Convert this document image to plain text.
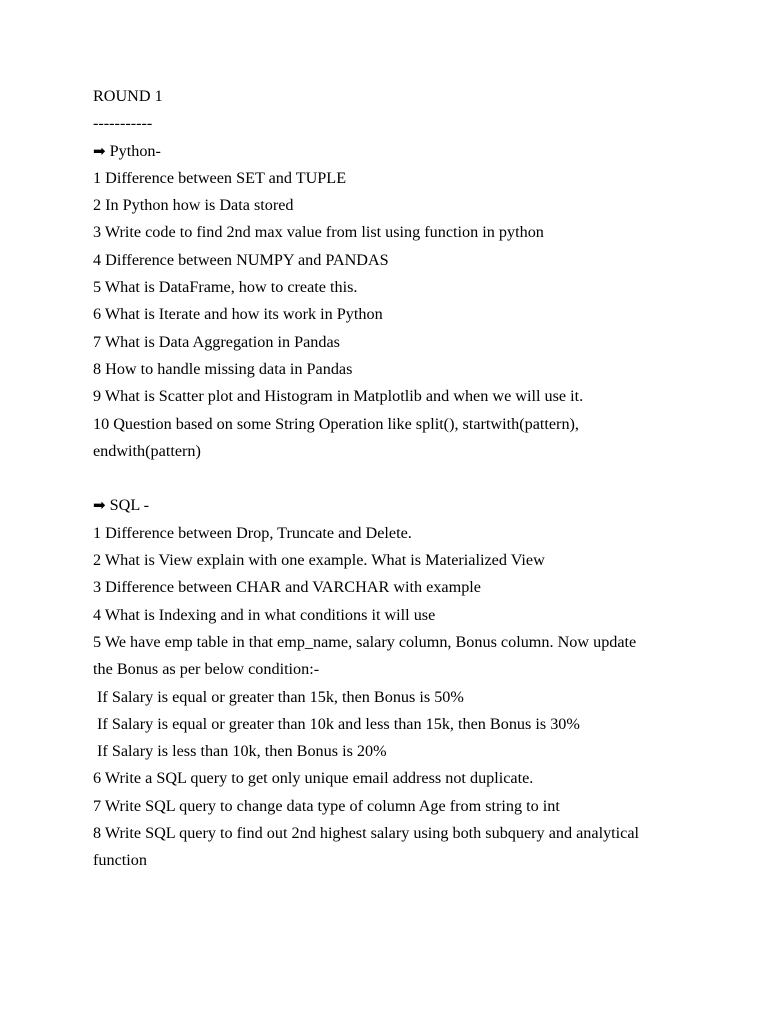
ROUND 1
-----------
➡ Python-
1 Difference between SET and TUPLE
2 In Python how is Data stored
3 Write code to find 2nd max value from list using function in python
4 Difference between NUMPY and PANDAS
5 What is DataFrame, how to create this.
6 What is Iterate and how its work in Python
7 What is Data Aggregation in Pandas
8 How to handle missing data in Pandas
9 What is Scatter plot and Histogram in Matplotlib and when we will use it.
10 Question based on some String Operation like split(), startwith(pattern),
endwith(pattern)
➡ SQL -
1 Difference between Drop, Truncate and Delete.
2 What is View explain with one example. What is Materialized View
3 Difference between CHAR and VARCHAR with example
4 What is Indexing and in what conditions it will use
5 We have emp table in that emp_name, salary column, Bonus column. Now update
the Bonus as per below condition:-
If Salary is equal or greater than 15k, then Bonus is 50%
If Salary is equal or greater than 10k and less than 15k, then Bonus is 30%
If Salary is less than 10k, then Bonus is 20%
6 Write a SQL query to get only unique email address not duplicate.
7 Write SQL query to change data type of column Age from string to int
8 Write SQL query to find out 2nd highest salary using both subquery and analytical
function
